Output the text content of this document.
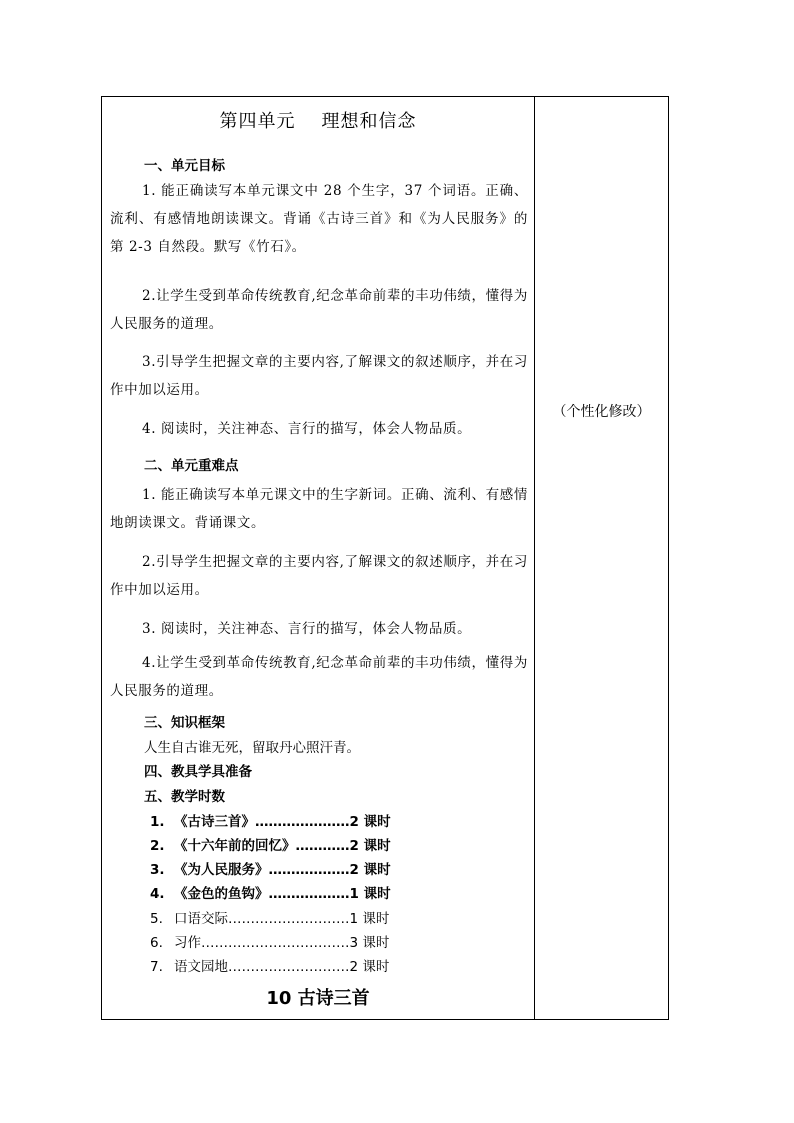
第四单元 理想和信念
一、单元目标
1. 能正确读写本单元课文中 28 个生字，37 个词语。正确、流利、有感情地朗读课文。背诵《古诗三首》和《为人民服务》的第 2-3 自然段。默写《竹石》。
2.让学生受到革命传统教育,纪念革命前辈的丰功伟绩，懂得为人民服务的道理。
3.引导学生把握文章的主要内容,了解课文的叙述顺序，并在习作中加以运用。
4. 阅读时，关注神态、言行的描写，体会人物品质。
二、单元重难点
1. 能正确读写本单元课文中的生字新词。正确、流利、有感情地朗读课文。背诵课文。
2.引导学生把握文章的主要内容,了解课文的叙述顺序，并在习作中加以运用。
3. 阅读时，关注神态、言行的描写，体会人物品质。
4.让学生受到革命传统教育,纪念革命前辈的丰功伟绩，懂得为人民服务的道理。
三、知识框架
人生自古谁无死，留取丹心照汗青。
四、教具学具准备
五、教学时数
1. 《古诗三首》…………………2 课时
2. 《十六年前的回忆》…………2 课时
3. 《为人民服务》………………2 课时
4. 《金色的鱼钩》………………1 课时
5. 口语交际………………………1 课时
6. 习作……………………………3 课时
7. 语文园地………………………2 课时
10 古诗三首
（个性化修改）
